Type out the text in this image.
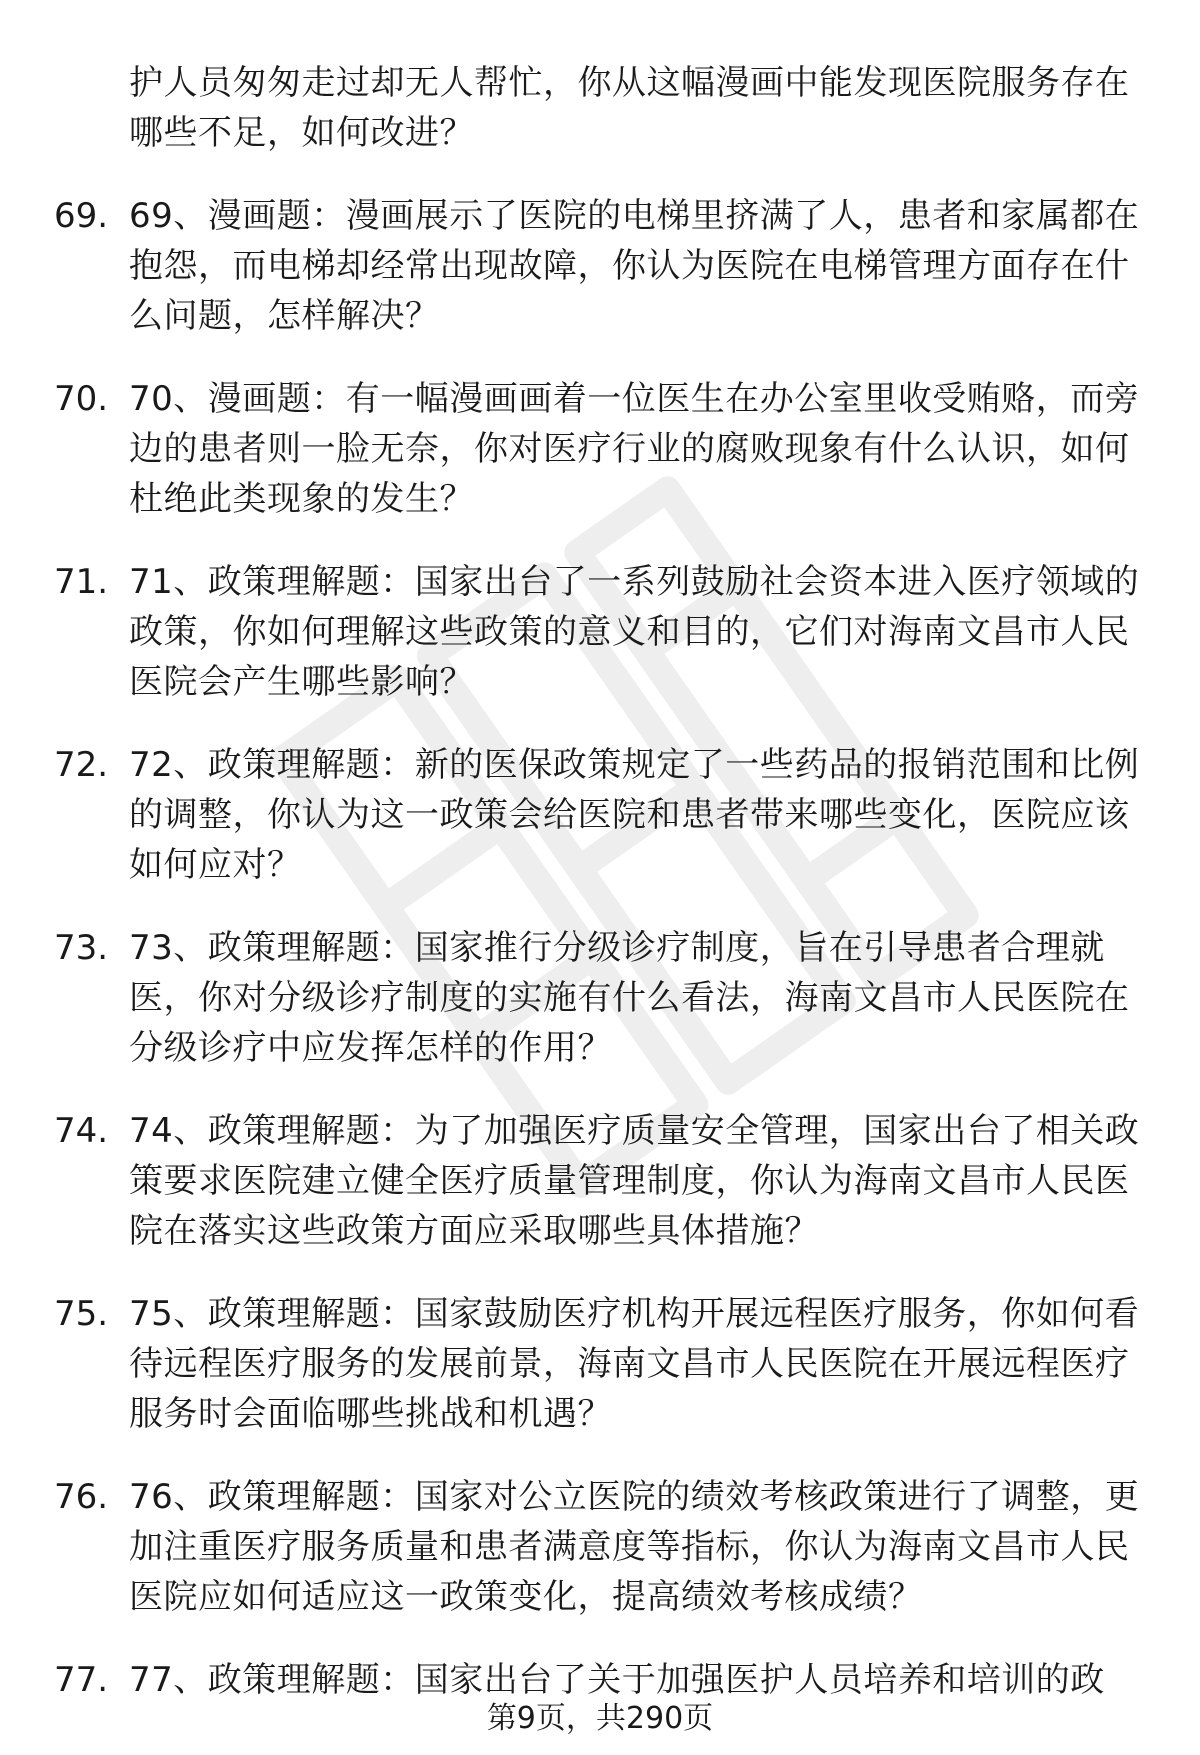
护人员匆匆走过却无人帮忙，你从这幅漫画中能发现医院服务存在哪些不足，如何改进？
69. 69、漫画题：漫画展示了医院的电梯里挤满了人，患者和家属都在抱怨，而电梯却经常出现故障，你认为医院在电梯管理方面存在什么问题，怎样解决？
70. 70、漫画题：有一幅漫画画着一位医生在办公室里收受贿赂，而旁边的患者则一脸无奈，你对医疗行业的腐败现象有什么认识，如何杜绝此类现象的发生？
71. 71、政策理解题：国家出台了一系列鼓励社会资本进入医疗领域的政策，你如何理解这些政策的意义和目的，它们对海南文昌市人民医院会产生哪些影响？
72. 72、政策理解题：新的医保政策规定了一些药品的报销范围和比例的调整，你认为这一政策会给医院和患者带来哪些变化，医院应该如何应对？
73. 73、政策理解题：国家推行分级诊疗制度，旨在引导患者合理就医，你对分级诊疗制度的实施有什么看法，海南文昌市人民医院在分级诊疗中应发挥怎样的作用？
74. 74、政策理解题：为了加强医疗质量安全管理，国家出台了相关政策要求医院建立健全医疗质量管理制度，你认为海南文昌市人民医院在落实这些政策方面应采取哪些具体措施？
75. 75、政策理解题：国家鼓励医疗机构开展远程医疗服务，你如何看待远程医疗服务的发展前景，海南文昌市人民医院在开展远程医疗服务时会面临哪些挑战和机遇？
76. 76、政策理解题：国家对公立医院的绩效考核政策进行了调整，更加注重医疗服务质量和患者满意度等指标，你认为海南文昌市人民医院应如何适应这一政策变化，提高绩效考核成绩？
77. 77、政策理解题：国家出台了关于加强医护人员培养和培训的政
第9页，共290页
